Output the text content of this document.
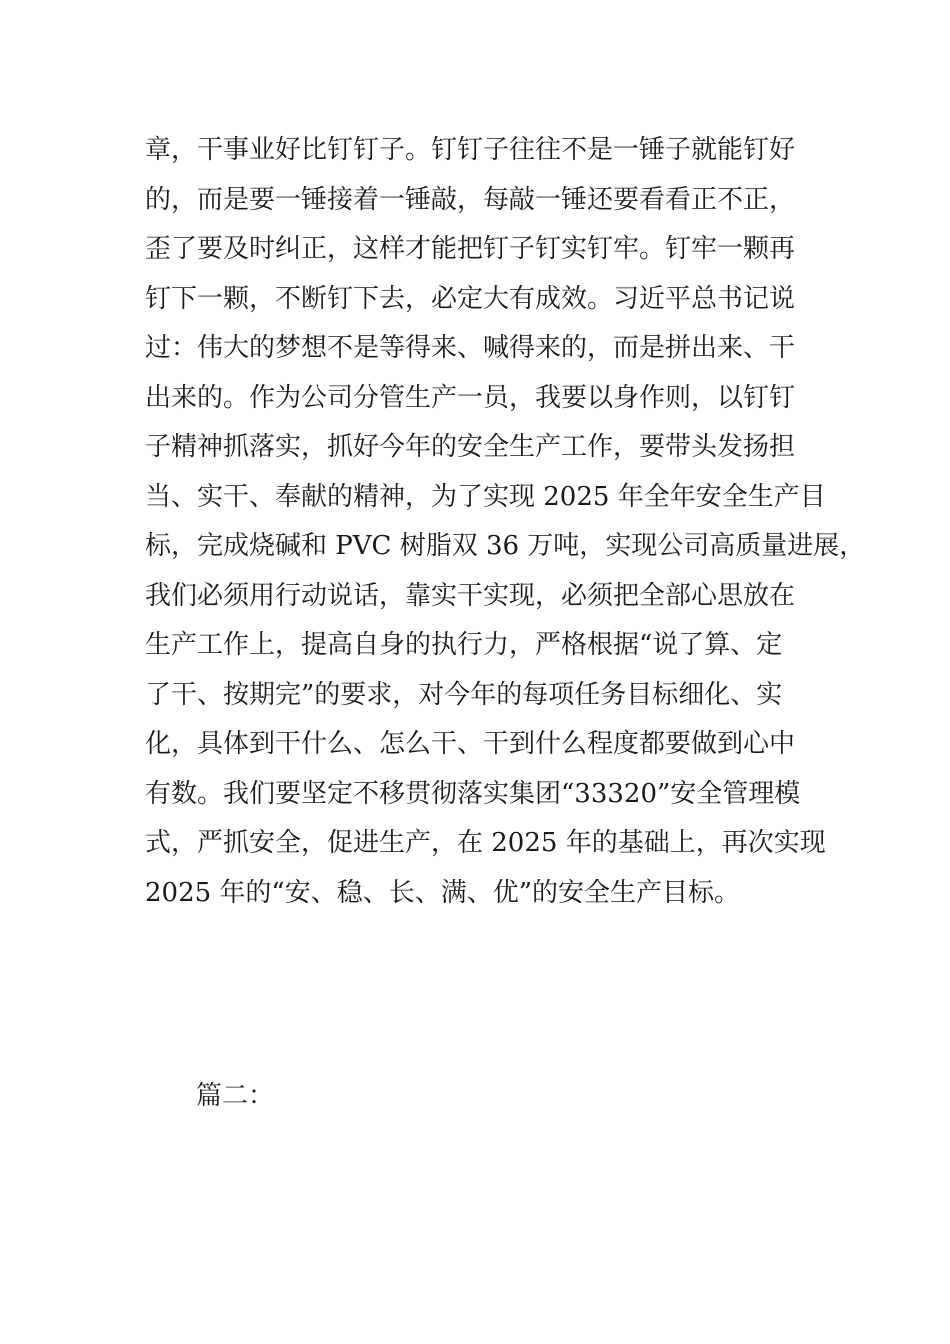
章，干事业好比钉钉子。钉钉子往往不是一锤子就能钉好
的，而是要一锤接着一锤敲，每敲一锤还要看看正不正，
歪了要及时纠正，这样才能把钉子钉实钉牢。钉牢一颗再
钉下一颗，不断钉下去，必定大有成效。习近平总书记说
过：伟大的梦想不是等得来、喊得来的，而是拼出来、干
出来的。作为公司分管生产一员，我要以身作则，以钉钉
子精神抓落实，抓好今年的安全生产工作，要带头发扬担
当、实干、奉献的精神，为了实现 2025 年全年安全生产目
标，完成烧碱和 PVC 树脂双 36 万吨，实现公司高质量进展，
我们必须用行动说话，靠实干实现，必须把全部心思放在
生产工作上，提高自身的执行力，严格根据“说了算、定
了干、按期完”的要求，对今年的每项任务目标细化、实
化，具体到干什么、怎么干、干到什么程度都要做到心中
有数。我们要坚定不移贯彻落实集团“33320”安全管理模
式，严抓安全，促进生产，在 2025 年的基础上，再次实现
2025 年的“安、稳、长、满、优”的安全生产目标。
篇二：
